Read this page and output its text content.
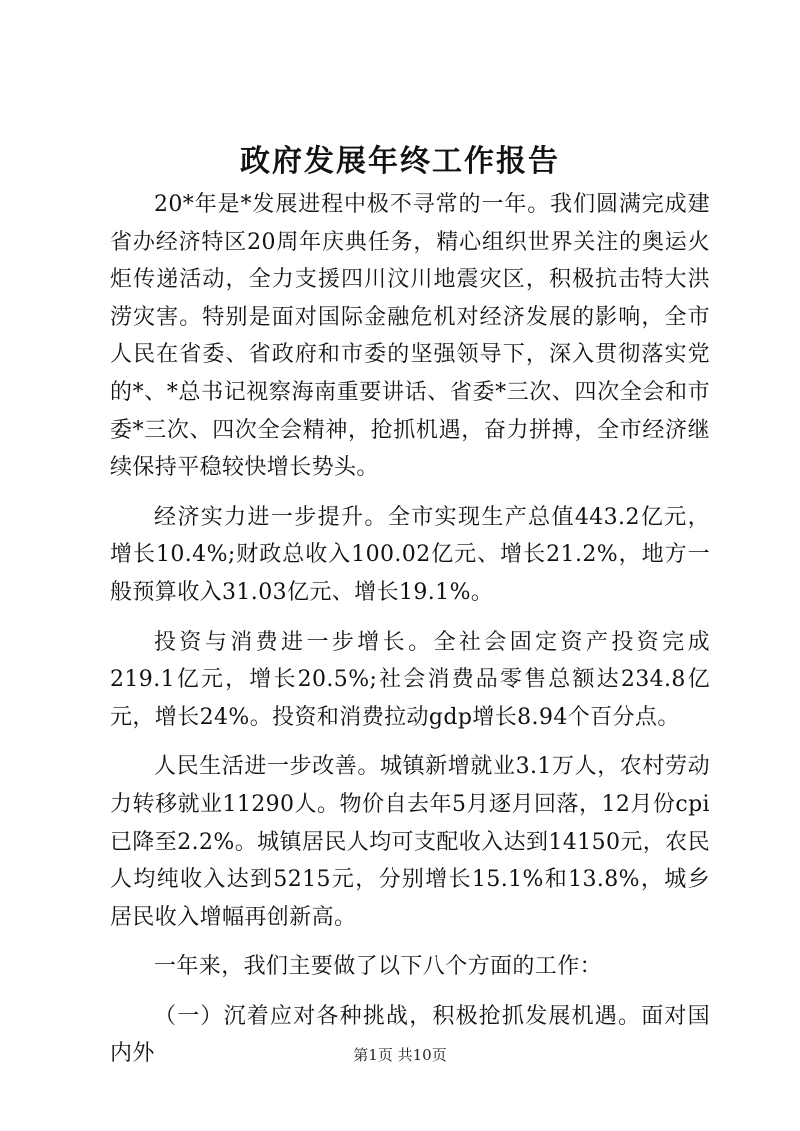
政府发展年终工作报告

20*年是*发展进程中极不寻常的一年。我们圆满完成建省办经济特区20周年庆典任务，精心组织世界关注的奥运火炬传递活动，全力支援四川汶川地震灾区，积极抗击特大洪涝灾害。特别是面对国际金融危机对经济发展的影响，全市人民在省委、省政府和市委的坚强领导下，深入贯彻落实党的*、*总书记视察海南重要讲话、省委*三次、四次全会和市委*三次、四次全会精神，抢抓机遇，奋力拼搏，全市经济继续保持平稳较快增长势头。

经济实力进一步提升。全市实现生产总值443.2亿元，增长10.4%;财政总收入100.02亿元、增长21.2%，地方一般预算收入31.03亿元、增长19.1%。

投资与消费进一步增长。全社会固定资产投资完成219.1亿元，增长20.5%;社会消费品零售总额达234.8亿元，增长24%。投资和消费拉动gdp增长8.94个百分点。

人民生活进一步改善。城镇新增就业3.1万人，农村劳动力转移就业11290人。物价自去年5月逐月回落，12月份cpi已降至2.2%。城镇居民人均可支配收入达到14150元，农民人均纯收入达到5215元，分别增长15.1%和13.8%，城乡居民收入增幅再创新高。

一年来，我们主要做了以下八个方面的工作：

（一）沉着应对各种挑战，积极抢抓发展机遇。面对国内外	第1页 共10页
